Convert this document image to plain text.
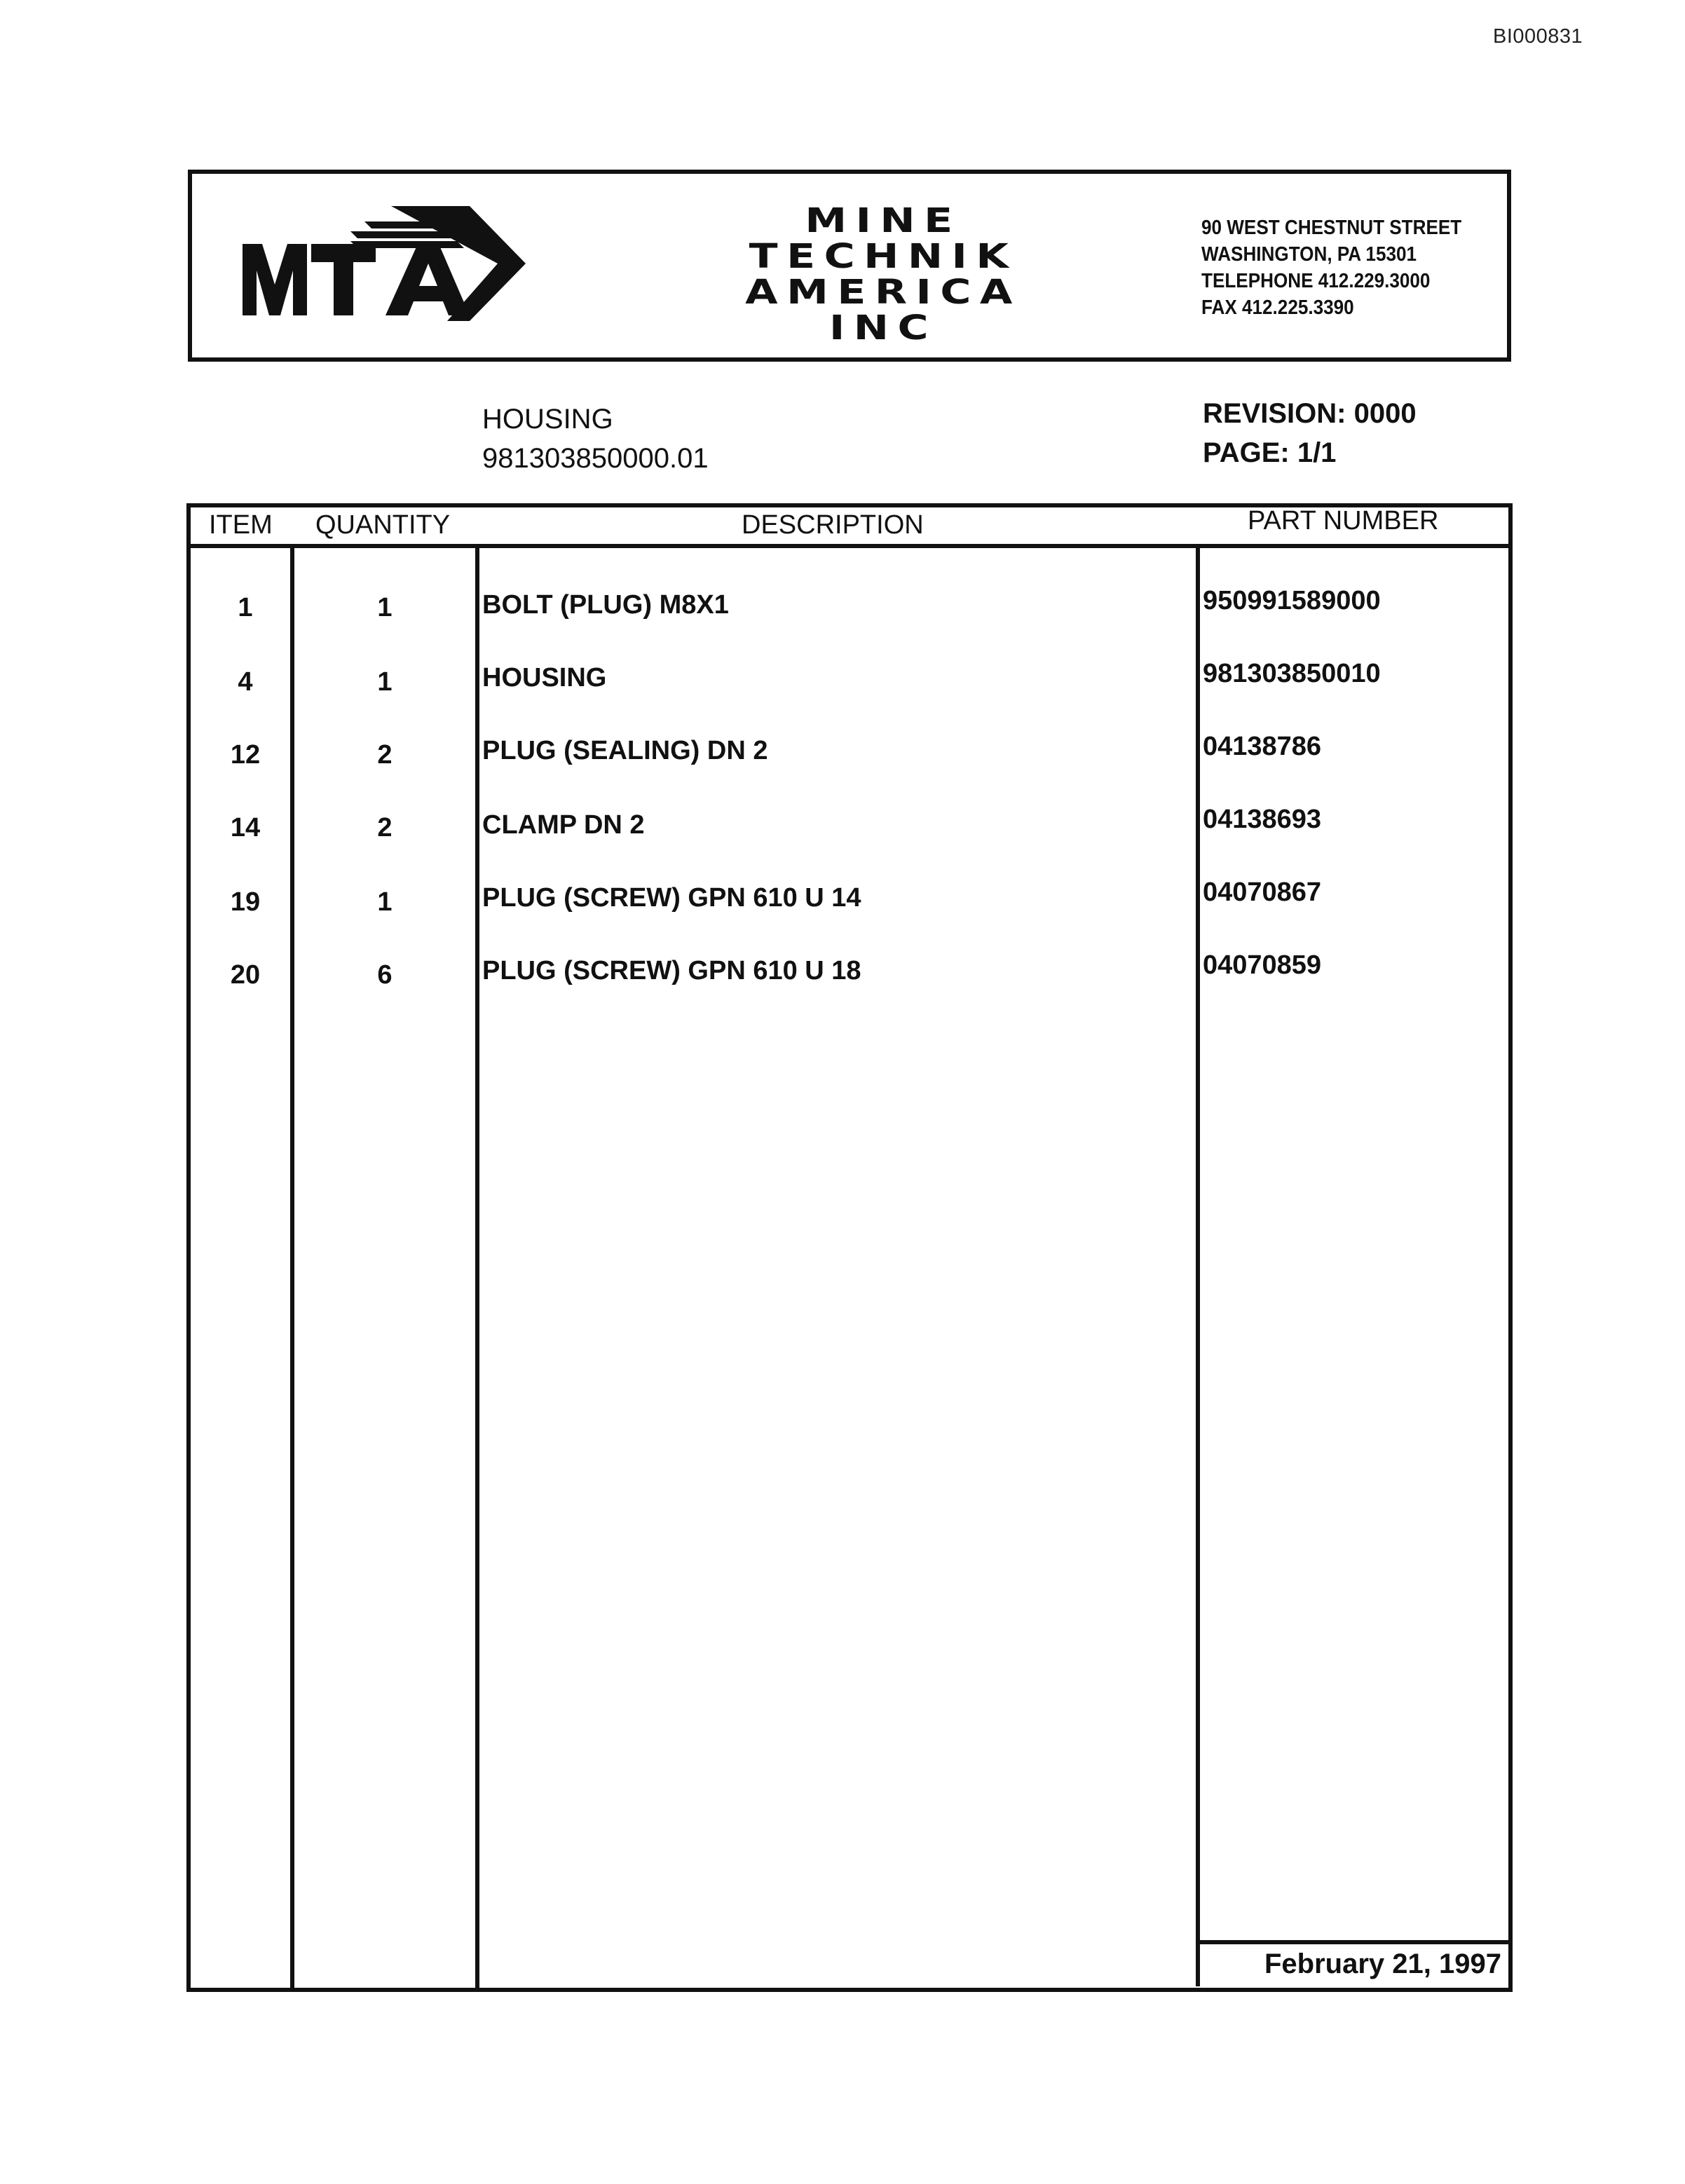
BI000831
MINE
TECHNIK
AMERICA
INC
90 WEST CHESTNUT STREET
WASHINGTON, PA 15301
TELEPHONE 412.229.3000
FAX 412.225.3390
HOUSING
981303850000.01
REVISION: 0000
PAGE: 1/1
ITEM QUANTITY	DESCRIPTION	PART NUMBER
1	1	BOLT (PLUG) M8X1	950991589000
4	1	HOUSING	981303850010
12	2	PLUG (SEALING) DN 2	04138786
14	2	CLAMP DN 2	04138693
19	1	PLUG (SCREW) GPN 610 U 14	04070867
20	6	PLUG (SCREW) GPN 610 U 18	04070859
February 21, 1997
